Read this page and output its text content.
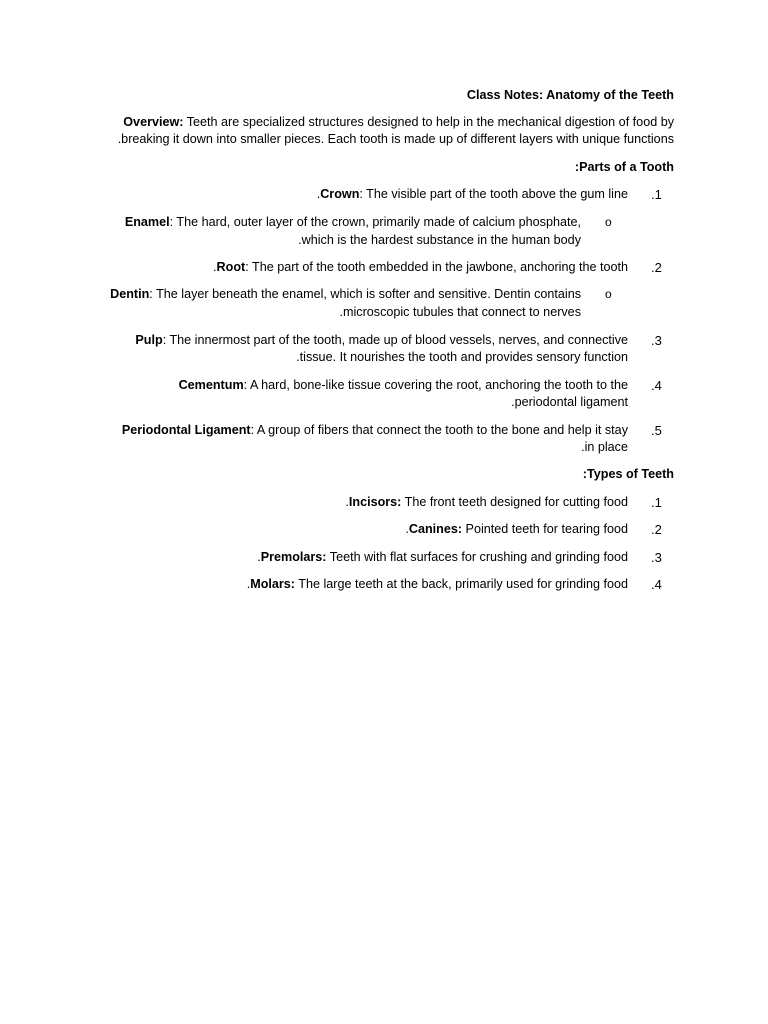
Class Notes: Anatomy of the Teeth
Overview: Teeth are specialized structures designed to help in the mechanical digestion of food by
.breaking it down into smaller pieces. Each tooth is made up of different layers with unique functions
:Parts of a Tooth
.Crown: The visible part of the tooth above the gum line .1
Enamel: The hard, outer layer of the crown, primarily made of calcium phosphate,
.which is the hardest substance in the human body
o
.Root: The part of the tooth embedded in the jawbone, anchoring the tooth .2
Dentin: The layer beneath the enamel, which is softer and sensitive. Dentin contains
.microscopic tubules that connect to nerves
o
Pulp: The innermost part of the tooth, made up of blood vessels, nerves, and connective
.tissue. It nourishes the tooth and provides sensory function
.3
Cementum: A hard, bone-like tissue covering the root, anchoring the tooth to the
.periodontal ligament
.4
Periodontal Ligament: A group of fibers that connect the tooth to the bone and help it stay
.in place
.5
:Types of Teeth
.Incisors: The front teeth designed for cutting food .1
.Canines: Pointed teeth for tearing food .2
.Premolars: Teeth with flat surfaces for crushing and grinding food .3
.Molars: The large teeth at the back, primarily used for grinding food .4
